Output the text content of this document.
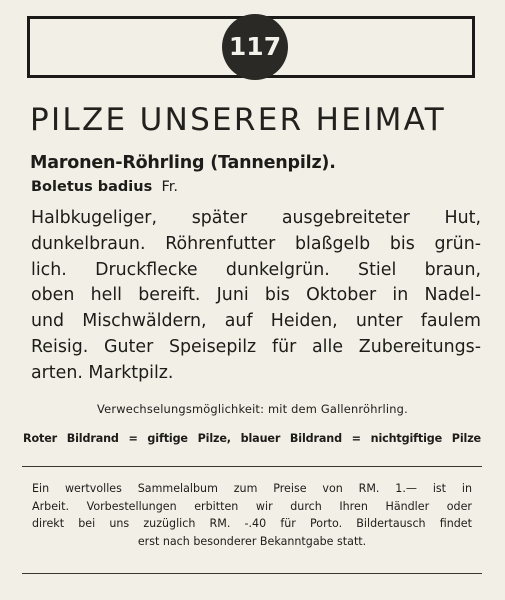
117
PILZE UNSERER HEIMAT
Maronen-Röhrling (Tannenpilz).
Boletus badius Fr.
Halbkugeliger, später ausgebreiteter Hut,
dunkelbraun. Röhrenfutter blaßgelb bis grün-
lich. Druckflecke dunkelgrün. Stiel braun,
oben hell bereift. Juni bis Oktober in Nadel-
und Mischwäldern, auf Heiden, unter faulem
Reisig. Guter Speisepilz für alle Zubereitungs-
arten. Marktpilz.
Verwechselungsmöglichkeit: mit dem Gallenröhrling.
Roter Bildrand = giftige Pilze, blauer Bildrand = nichtgiftige Pilze
Ein wertvolles Sammelalbum zum Preise von RM. 1.— ist in
Arbeit. Vorbestellungen erbitten wir durch Ihren Händler oder
direkt bei uns zuzüglich RM. -.40 für Porto. Bildertausch findet
erst nach besonderer Bekanntgabe statt.
